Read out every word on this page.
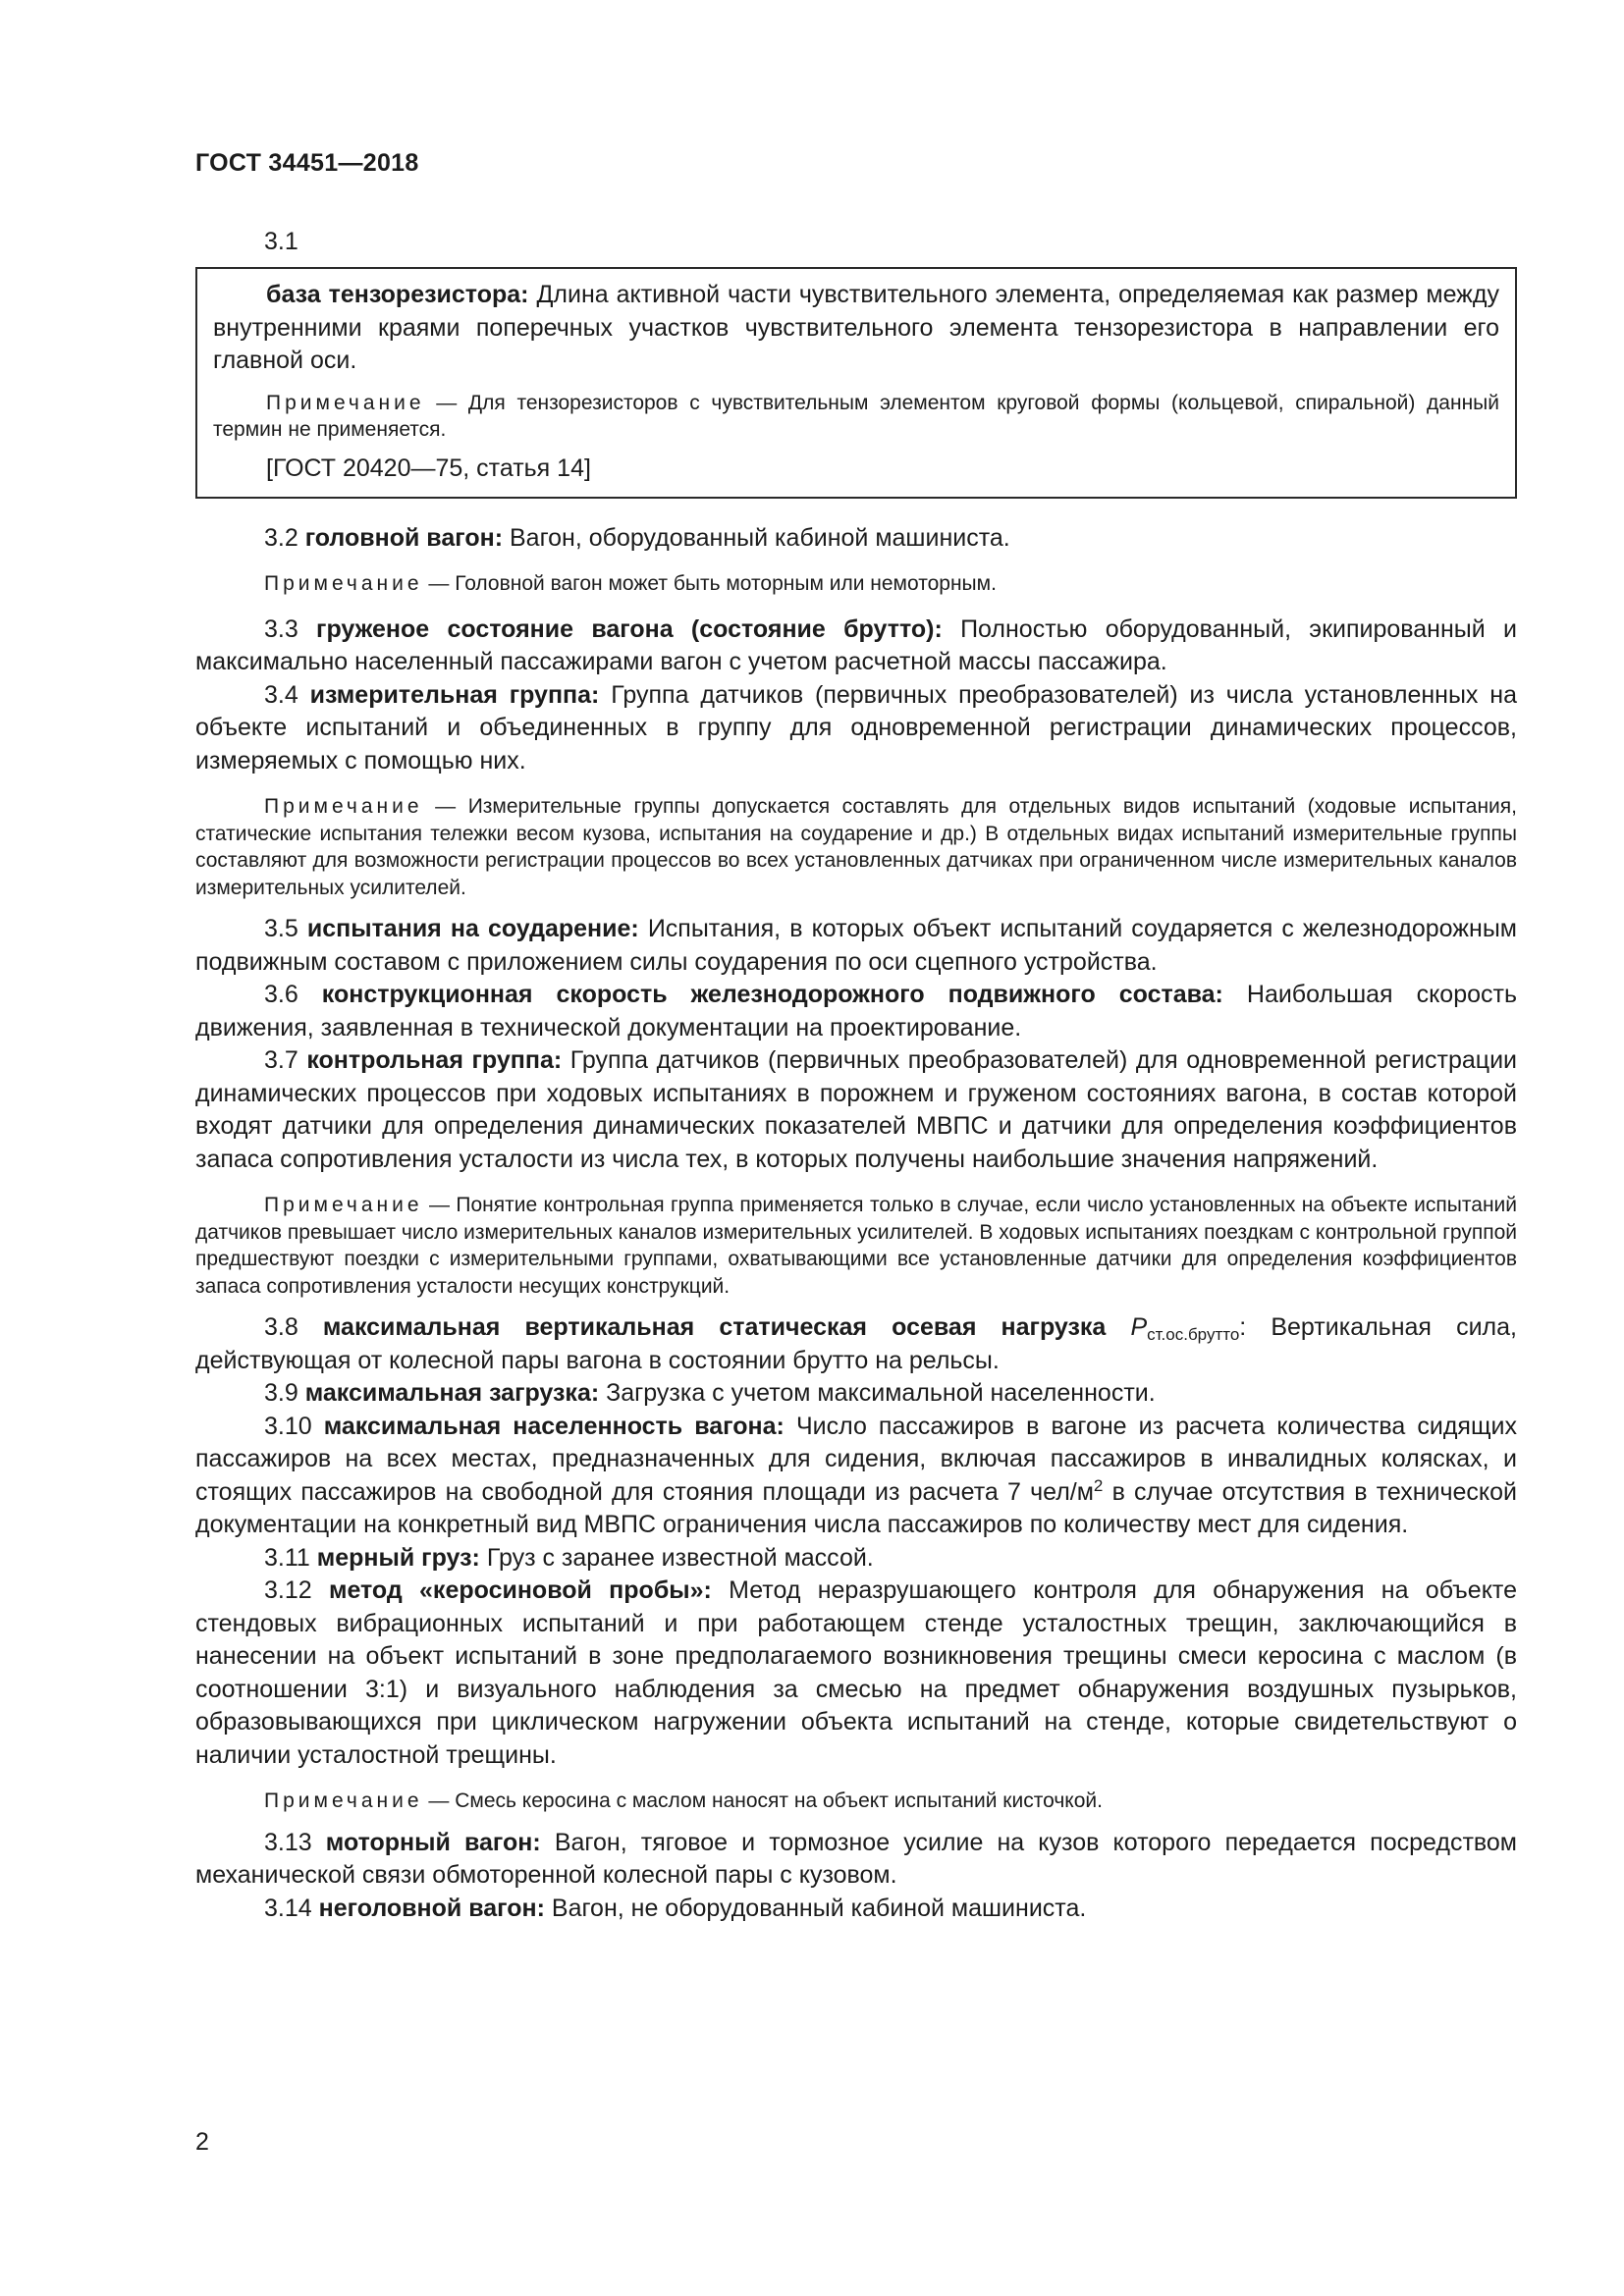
ГОСТ 34451—2018
3.1

база тензорезистора: Длина активной части чувствительного элемента, определяемая как размер между внутренними краями поперечных участков чувствительного элемента тензорезистора в направлении его главной оси.

Примечание — Для тензорезисторов с чувствительным элементом круговой формы (кольцевой, спиральной) данный термин не применяется.

[ГОСТ 20420—75, статья 14]

3.2 головной вагон: Вагон, оборудованный кабиной машиниста.

Примечание — Головной вагон может быть моторным или немоторным.

3.3 груженое состояние вагона (состояние брутто): Полностью оборудованный, экипированный и максимально населенный пассажирами вагон с учетом расчетной массы пассажира.

3.4 измерительная группа: Группа датчиков (первичных преобразователей) из числа установленных на объекте испытаний и объединенных в группу для одновременной регистрации динамических процессов, измеряемых с помощью них.

Примечание — Измерительные группы допускается составлять для отдельных видов испытаний (ходовые испытания, статические испытания тележки весом кузова, испытания на соударение и др.) В отдельных видах испытаний измерительные группы составляют для возможности регистрации процессов во всех установленных датчиках при ограниченном числе измерительных каналов измерительных усилителей.

3.5 испытания на соударение: Испытания, в которых объект испытаний соударяется с железнодорожным подвижным составом с приложением силы соударения по оси сцепного устройства.

3.6 конструкционная скорость железнодорожного подвижного состава: Наибольшая скорость движения, заявленная в технической документации на проектирование.

3.7 контрольная группа: Группа датчиков (первичных преобразователей) для одновременной регистрации динамических процессов при ходовых испытаниях в порожнем и груженом состояниях вагона, в состав которой входят датчики для определения динамических показателей МВПС и датчики для определения коэффициентов запаса сопротивления усталости из числа тех, в которых получены наибольшие значения напряжений.

Примечание — Понятие контрольная группа применяется только в случае, если число установленных на объекте испытаний датчиков превышает число измерительных каналов измерительных усилителей. В ходовых испытаниях поездкам с контрольной группой предшествуют поездки с измерительными группами, охватывающими все установленные датчики для определения коэффициентов запаса сопротивления усталости несущих конструкций.

3.8 максимальная вертикальная статическая осевая нагрузка $P_{ст.ос.брутто}$: Вертикальная сила, действующая от колесной пары вагона в состоянии брутто на рельсы.

3.9 максимальная загрузка: Загрузка с учетом максимальной населенности.

3.10 максимальная населенность вагона: Число пассажиров в вагоне из расчета количества сидящих пассажиров на всех местах, предназначенных для сидения, включая пассажиров в инвалидных колясках, и стоящих пассажиров на свободной для стояния площади из расчета 7 чел/$м^2$ в случае отсутствия в технической документации на конкретный вид МВПС ограничения числа пассажиров по количеству мест для сидения.

3.11 мерный груз: Груз с заранее известной массой.

3.12 метод «керосиновой пробы»: Метод неразрушающего контроля для обнаружения на объекте стендовых вибрационных испытаний и при работающем стенде усталостных трещин, заключающийся в нанесении на объект испытаний в зоне предполагаемого возникновения трещины смеси керосина с маслом (в соотношении 3:1) и визуального наблюдения за смесью на предмет обнаружения воздушных пузырьков, образовывающихся при циклическом нагружении объекта испытаний на стенде, которые свидетельствуют о наличии усталостной трещины.

Примечание — Смесь керосина с маслом наносят на объект испытаний кисточкой.

3.13 моторный вагон: Вагон, тяговое и тормозное усилие на кузов которого передается посредством механической связи обмоторенной колесной пары с кузовом.

3.14 неголовной вагон: Вагон, не оборудованный кабиной машиниста.

2
